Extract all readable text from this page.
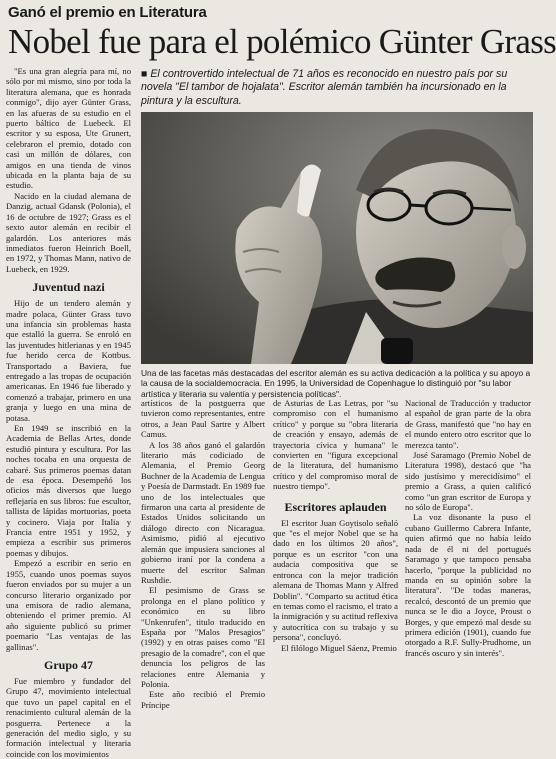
Ganó el premio en Literatura
Nobel fue para el polémico Günter Grass

"Es una gran alegría para mí, no sólo por mi mismo, sino por toda la literatura alemana, que es honrada conmigo", dijo ayer Günter Grass, en las afueras de su estudio en el puerto báltico de Luebeck. El escritor y su esposa, Ute Grunert, celebraron el premio, dotado con casi un millón de dólares, con amigos en una tienda de vinos ubicada en la planta baja de su estudio.

Nacido en la ciudad alemana de Danzig, actual Gdansk (Polonia), el 16 de octubre de 1927; Grass es el sexto autor alemán en recibir el galardón. Los anteriores más inmediatos fueron Heinrich Boell, en 1972, y Thomas Mann, nativo de Luebeck, en 1929.

Juventud nazi

Hijo de un tendero alemán y madre polaca, Günter Grass tuvo una infancia sin problemas hasta que estalló la guerra. Se enroló en las juventudes hitlerianas y en 1945 fue herido cerca de Kottbus. Transportado a Baviera, fue entregado a las tropas de ocupación americanas. En 1946 fue liberado y comenzó a trabajar, primero en una granja y luego en una mina de potasa.

En 1949 se inscribió en la Academia de Bellas Artes, donde estudió pintura y escultura. Por las noches tocaba en una orquesta de cabaré. Sus primeros poemas datan de esa época. Desempeñó los oficios más diversos que luego reflejaría en sus libros: fue escultor, tallista de lápidas mortuorias, poeta y cocinero. Viaja por Italia y Francia entre 1951 y 1952, y empieza a escribir sus primeros poemas y dibujos.

Empezó a escribir en serio en 1955, cuando unos poemas suyos fueron enviados por su mujer a un concurso literario organizado por una emisora de radio alemana, obteniendo el primer premio. Al año siguiente publicó su primer poemario "Las ventajas de las gallinas".

Grupo 47

Fue miembro y fundador del Grupo 47, movimiento intelectual que tuvo un papel capital en el renacimiento cultural alemán de la posguerra. Pertenece a la generación del medio siglo, y su formación intelectual y literaria coincide con los movimientos

■ El controvertido intelectual de 71 años es reconocido en nuestro país por su novela "El tambor de hojalata". Escritor alemán también ha incursionado en la pintura y la escultura.
Una de las facetas más destacadas del escritor alemán es su activa dedicación a la política y su apoyo a la causa de la socialdemocracia. En 1995, la Universidad de Copenhague lo distinguió por "su labor artística y literaria su valentía y persistencia políticas".

artísticos de la postguerra que tuvieron como representantes, entre otros, a Jean Paul Sartre y Albert Camus.

A los 38 años ganó el galardón literario más codiciado de Alemania, el Premio Georg Buchner de la Academia de Lengua y Poesía de Darmstadt. En 1989 fue uno de los intelectuales que firmaron una carta al presidente de Estados Unidos solicitando un diálogo directo con Nicaragua. Asimismo, pidió al ejecutivo alemán que impusiera sanciones al gobierno iraní por la condena a muerte del escritor Salman Rushdie.

El pesimismo de Grass se prolonga en el plano político y económico en su libro "Unkenrufen", titulo traducido en España por "Malos Presagios" (1992) y en otras paises como "El presagio de la comadre", con el que denuncia los peligros de las relaciones entre Alemania y Polonia.

Este año recibió el Premio Príncipe

de Asturias de Las Letras, por "su compromiso con el humanismo crítico" y porque su "obra literaria de creación y ensayo, además de trayectoria cívica y humana" le convierten en "figura excepcional de la literatura, del humanismo crítico y del compromiso moral de nuestro tiempo".

Escritores aplauden

El escritor Juan Goytisolo señaló que "es el mejor Nobel que se ha dado en los últimos 20 años", porque es un escritor "con una audacia compositiva que se entronca con la mejor tradición alemana de Thomas Mann y Alfred Doblin". "Comparto su actitud ética en temas como el racismo, el trato a la inmigración y su actitud reflexiva y autocrítica con su trabajo y su persona", concluyó.

El filólogo Miguel Sáenz, Premio

Nacional de Traducción y traductor al español de gran parte de la obra de Grass, manifestó que "no hay en el mundo entero otro escritor que lo merezca tanto".

José Saramago (Premio Nobel de Literatura 1998), destacó que "ha sido justísimo y merecidísimo" el premio a Grass, a quien calificó como "un gran escritor de Europa y no sólo de Europa".

La voz disonante la puso el cubano Guillermo Cabrera Infante, quien afirmó que no había leído nada de él ni del portugués Saramago y que tampoco pensaba hacerlo, "porque la publicidad no manda en su opinión sobre la literatura". "De todas maneras, recalcó, descontó de un premio que nunca se le dio a Joyce, Proust o Borges, y que empezó mal desde su primera edición (1901), cuando fue otorgado a R.F. Sully-Prudhome, un francés oscuro y sin interés".
